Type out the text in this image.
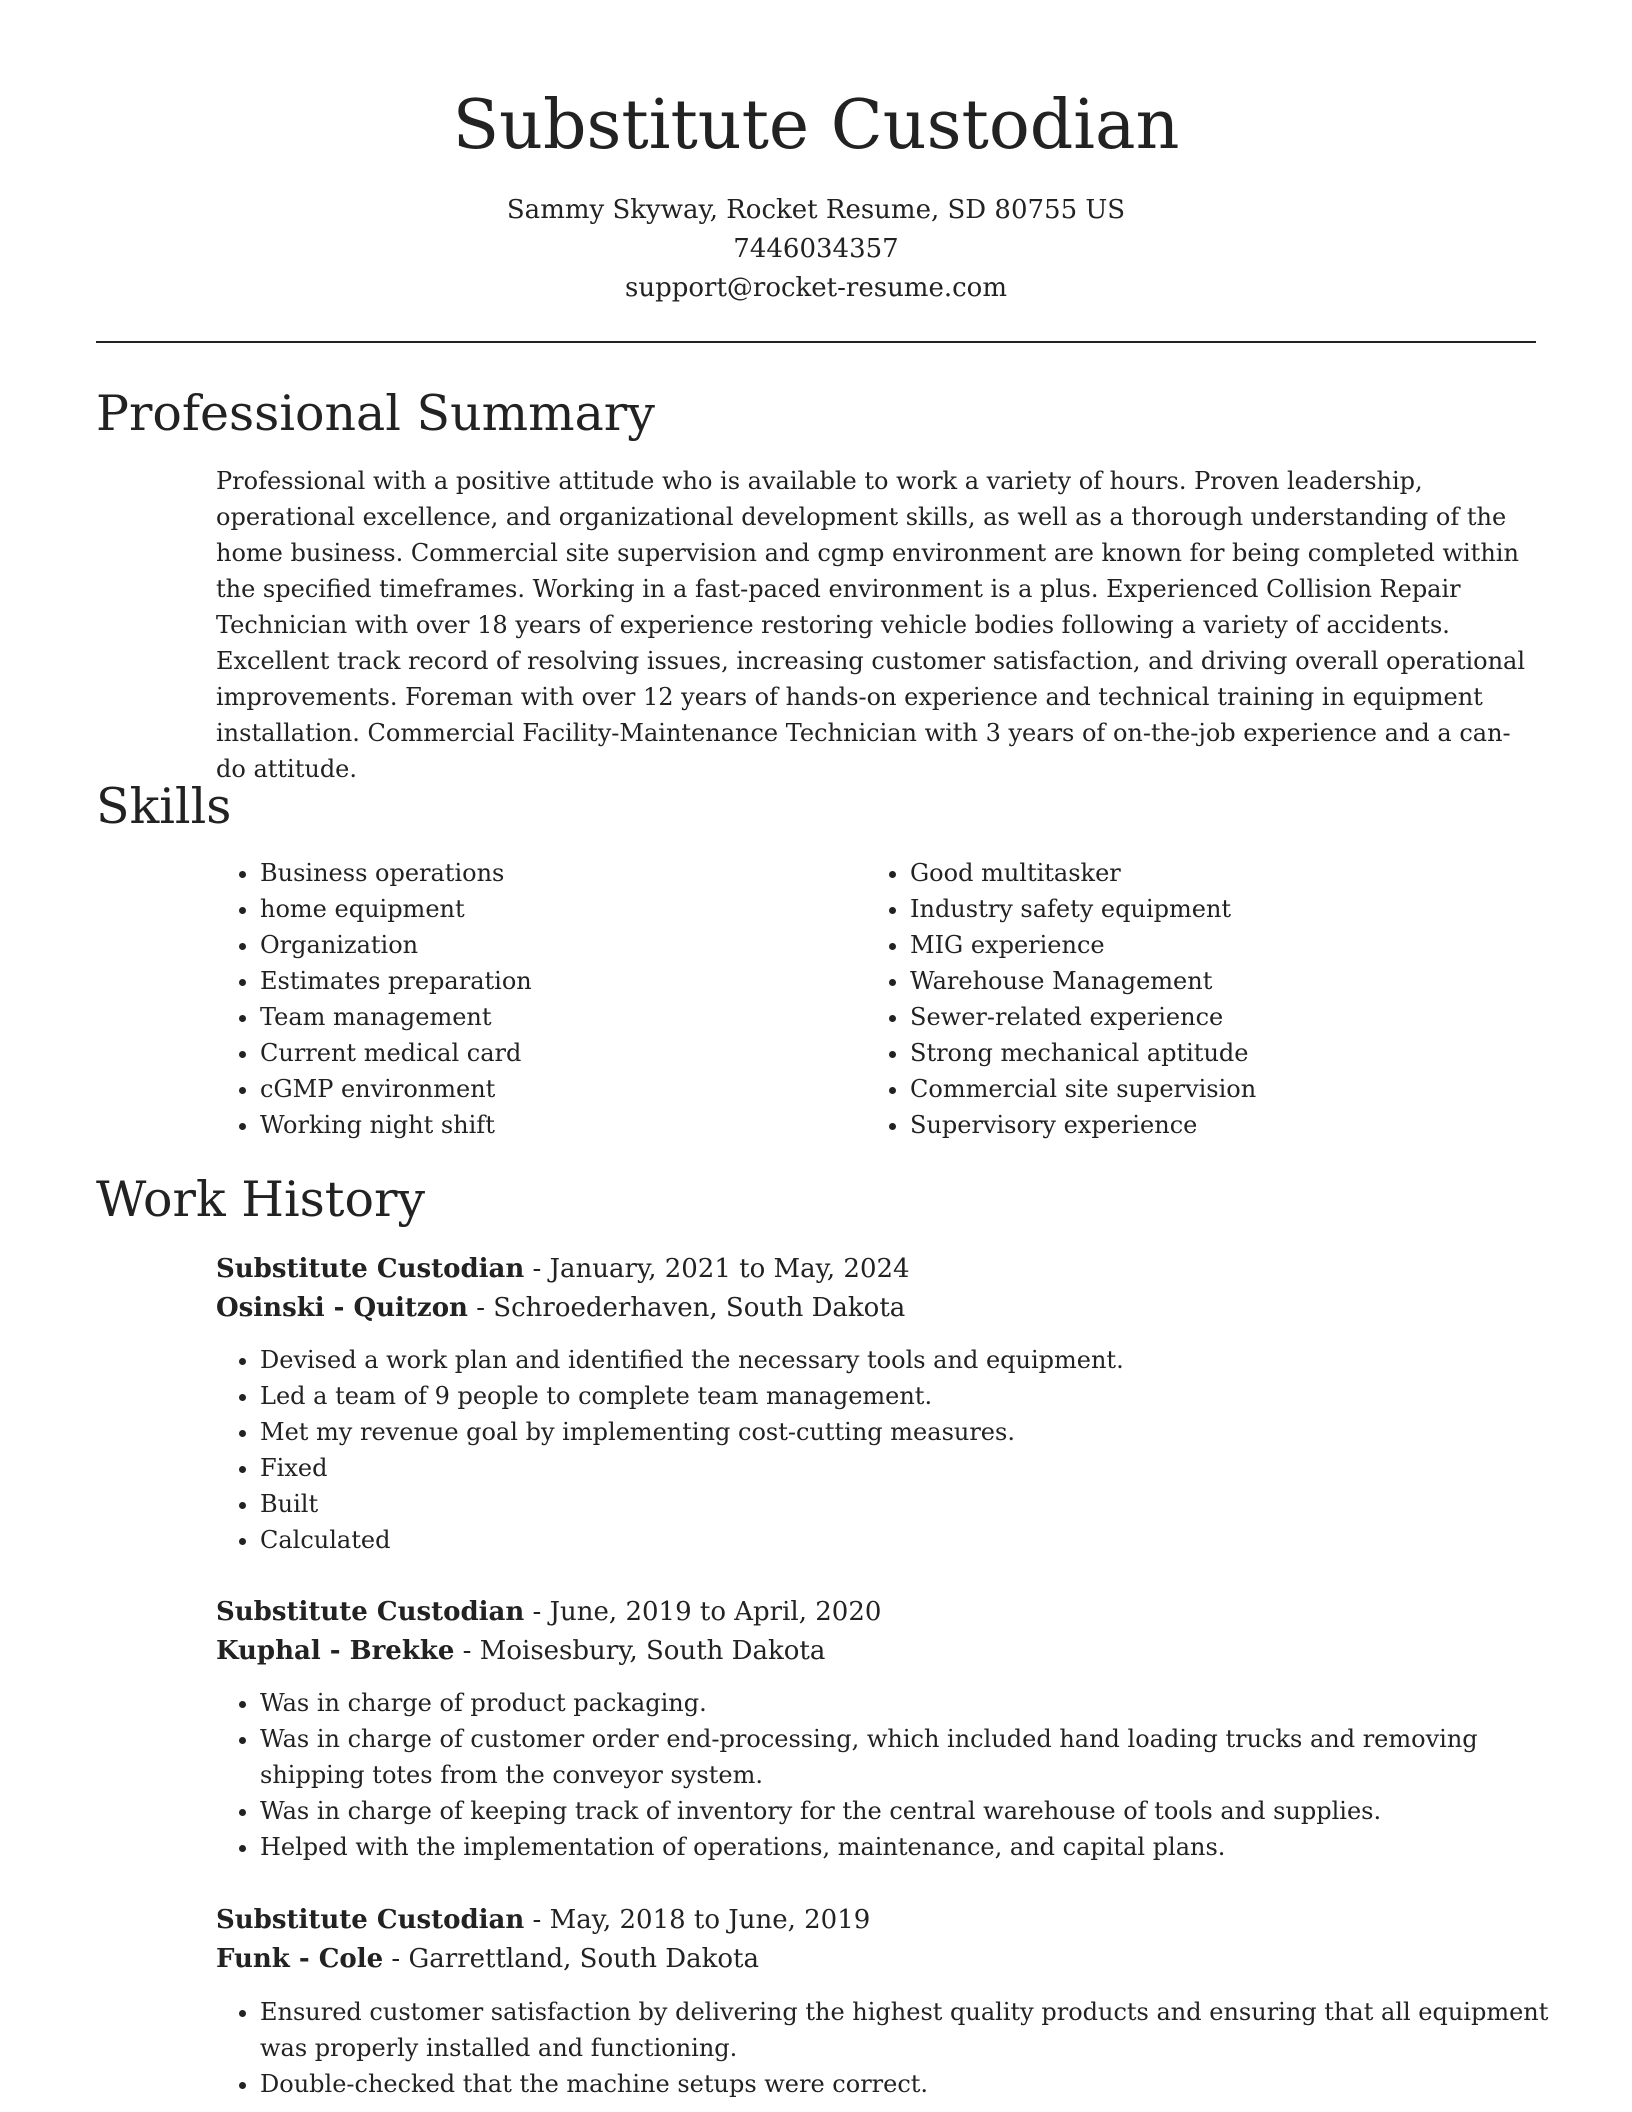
Substitute Custodian
Sammy Skyway, Rocket Resume, SD 80755 US
7446034357
support@rocket-resume.com
Professional Summary

Professional with a positive attitude who is available to work a variety of hours. Proven leadership, operational excellence, and organizational development skills, as well as a thorough understanding of the home business. Commercial site supervision and cgmp environment are known for being completed within the specified timeframes. Working in a fast-paced environment is a plus. Experienced Collision Repair Technician with over 18 years of experience restoring vehicle bodies following a variety of accidents. Excellent track record of resolving issues, increasing customer satisfaction, and driving overall operational improvements. Foreman with over 12 years of hands-on experience and technical training in equipment installation. Commercial Facility-Maintenance Technician with 3 years of on-the-job experience and a can-do attitude.

Skills
• Business operations
• home equipment
• Organization
• Estimates preparation
• Team management
• Current medical card
• cGMP environment
• Working night shift
• Good multitasker
• Industry safety equipment
• MIG experience
• Warehouse Management
• Sewer-related experience
• Strong mechanical aptitude
• Commercial site supervision
• Supervisory experience
Work History
Substitute Custodian - January, 2021 to May, 2024
Osinski - Quitzon - Schroederhaven, South Dakota
• Devised a work plan and identified the necessary tools and equipment.
• Led a team of 9 people to complete team management.
• Met my revenue goal by implementing cost-cutting measures.
• Fixed
• Built
• Calculated
Substitute Custodian - June, 2019 to April, 2020
Kuphal - Brekke - Moisesbury, South Dakota
• Was in charge of product packaging.
• Was in charge of customer order end-processing, which included hand loading trucks and removing shipping totes from the conveyor system.
• Was in charge of keeping track of inventory for the central warehouse of tools and supplies.
• Helped with the implementation of operations, maintenance, and capital plans.
Substitute Custodian - May, 2018 to June, 2019
Funk - Cole - Garrettland, South Dakota
• Ensured customer satisfaction by delivering the highest quality products and ensuring that all equipment was properly installed and functioning.
• Double-checked that the machine setups were correct.
